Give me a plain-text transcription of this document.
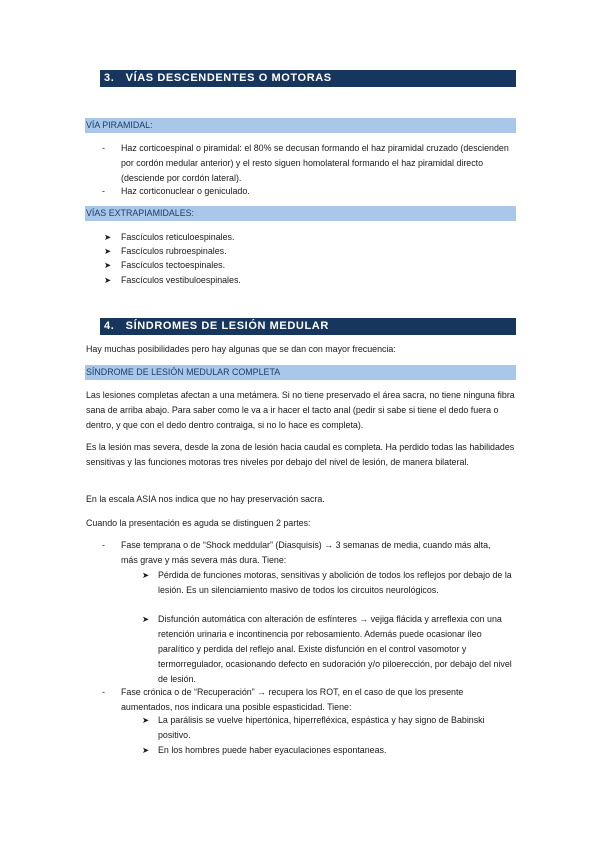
3. VÍAS DESCENDENTES O MOTORAS
VÍA PIRAMIDAL:
-	Haz corticoespinal o piramidal: el 80% se decusan formando el haz piramidal cruzado (descienden por cordón medular anterior) y el resto siguen homolateral formando el haz piramidal directo (desciende por cordón lateral).
-	Haz corticonuclear o geniculado.
VÍAS EXTRAPIAMIDALES:
➤ Fascículos reticuloespinales.
➤ Fascículos rubroespinales.
➤ Fascículos tectoespinales.
➤ Fascículos vestibuloespinales.
4. SÍNDROMES DE LESIÓN MEDULAR
Hay muchas posibilidades pero hay algunas que se dan con mayor frecuencia:
SÍNDROME DE LESIÓN MEDULAR COMPLETA
Las lesiones completas afectan a una metámera. Si no tiene preservado el área sacra, no tiene ninguna fibra sana de arriba abajo. Para saber como le va a ir hacer el tacto anal (pedir si sabe si tiene el dedo fuera o dentro, y que con el dedo dentro contraiga, si no lo hace es completa).
Es la lesión mas severa, desde la zona de lesión hacia caudal es completa. Ha perdido todas las habilidades sensitivas y las funciones motoras tres niveles por debajo del nivel de lesión, de manera bilateral.
En la escala ASIA nos indica que no hay preservación sacra.
Cuando la presentación es aguda se distinguen 2 partes:
-	Fase temprana o de “Shock meddular” (Diasquisis) → 3 semanas de media, cuando más alta, más grave y más severa más dura. Tiene:
➤ Pérdida de funciones motoras, sensitivas y abolición de todos los reflejos por debajo de la lesión. Es un silenciamiento masivo de todos los circuitos neurológicos.
➤ Disfunción automática con alteración de esfínteres → vejiga flácida y arreflexia con una retención urinaria e incontinencia por rebosamiento. Además puede ocasionar íleo paralítico y perdida del reflejo anal. Existe disfunción en el control vasomotor y termorregulador, ocasionando defecto en sudoración y/o piloerección, por debajo del nivel de lesión.
-	Fase crónica o de “Recuperación” → recupera los ROT, en el caso de que los presente aumentados, nos indicara una posible espasticidad. Tiene:
➤ La parálisis se vuelve hipertónica, hiperrefléxica, espástica y hay signo de Babinski positivo.
➤ En los hombres puede haber eyaculaciones espontaneas.
